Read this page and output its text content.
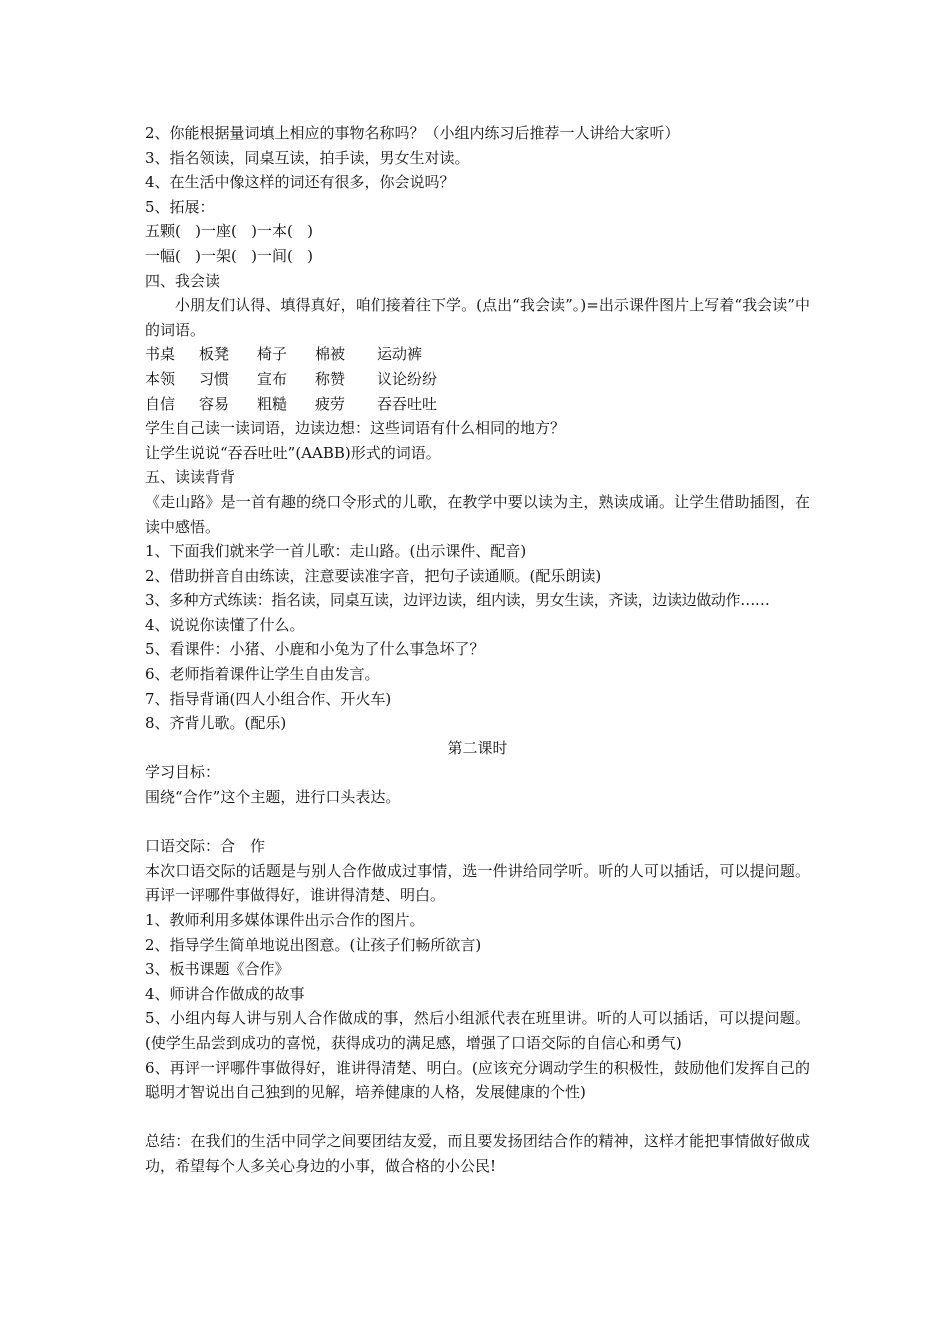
2、你能根据量词填上相应的事物名称吗？（小组内练习后推荐一人讲给大家听）

3、指名领读，同桌互读，拍手读，男女生对读。

4、在生活中像这样的词还有很多，你会说吗？

5、拓展：

五颗(   )一座(   )一本(   )

一幅(   )一架(   )一间(   )

四、我会读

小朋友们认得、填得真好，咱们接着往下学。(点出“我会读”。)=出示课件图片上写着“我会读”中的词语。

书桌	板凳	椅子	棉被	运动裤
本领	习惯	宣布	称赞	议论纷纷
自信	容易	粗糙	疲劳	吞吞吐吐

学生自己读一读词语，边读边想：这些词语有什么相同的地方？

让学生说说“吞吞吐吐”(AABB)形式的词语。

五、读读背背

《走山路》是一首有趣的绕口令形式的儿歌，在教学中要以读为主，熟读成诵。让学生借助插图，在读中感悟。

1、下面我们就来学一首儿歌：走山路。(出示课件、配音)

2、借助拼音自由练读，注意要读准字音，把句子读通顺。(配乐朗读)

3、多种方式练读：指名读，同桌互读，边评边读，组内读，男女生读，齐读，边读边做动作……

4、说说你读懂了什么。

5、看课件：小猪、小鹿和小兔为了什么事急坏了？

6、老师指着课件让学生自由发言。

7、指导背诵(四人小组合作、开火车)

8、齐背儿歌。(配乐)

第二课时

学习目标：

围绕“合作”这个主题，进行口头表达。

口语交际：合　作

本次口语交际的话题是与别人合作做成过事情，选一件讲给同学听。听的人可以插话，可以提问题。再评一评哪件事做得好，谁讲得清楚、明白。

1、教师利用多媒体课件出示合作的图片。

2、指导学生简单地说出图意。(让孩子们畅所欲言)

3、板书课题《合作》

4、师讲合作做成的故事

5、小组内每人讲与别人合作做成的事，然后小组派代表在班里讲。听的人可以插话，可以提问题。(使学生品尝到成功的喜悦，获得成功的满足感，增强了口语交际的自信心和勇气)

6、再评一评哪件事做得好，谁讲得清楚、明白。(应该充分调动学生的积极性，鼓励他们发挥自己的聪明才智说出自己独到的见解，培养健康的人格，发展健康的个性)

总结：在我们的生活中同学之间要团结友爱，而且要发扬团结合作的精神，这样才能把事情做好做成功，希望每个人多关心身边的小事，做合格的小公民!
